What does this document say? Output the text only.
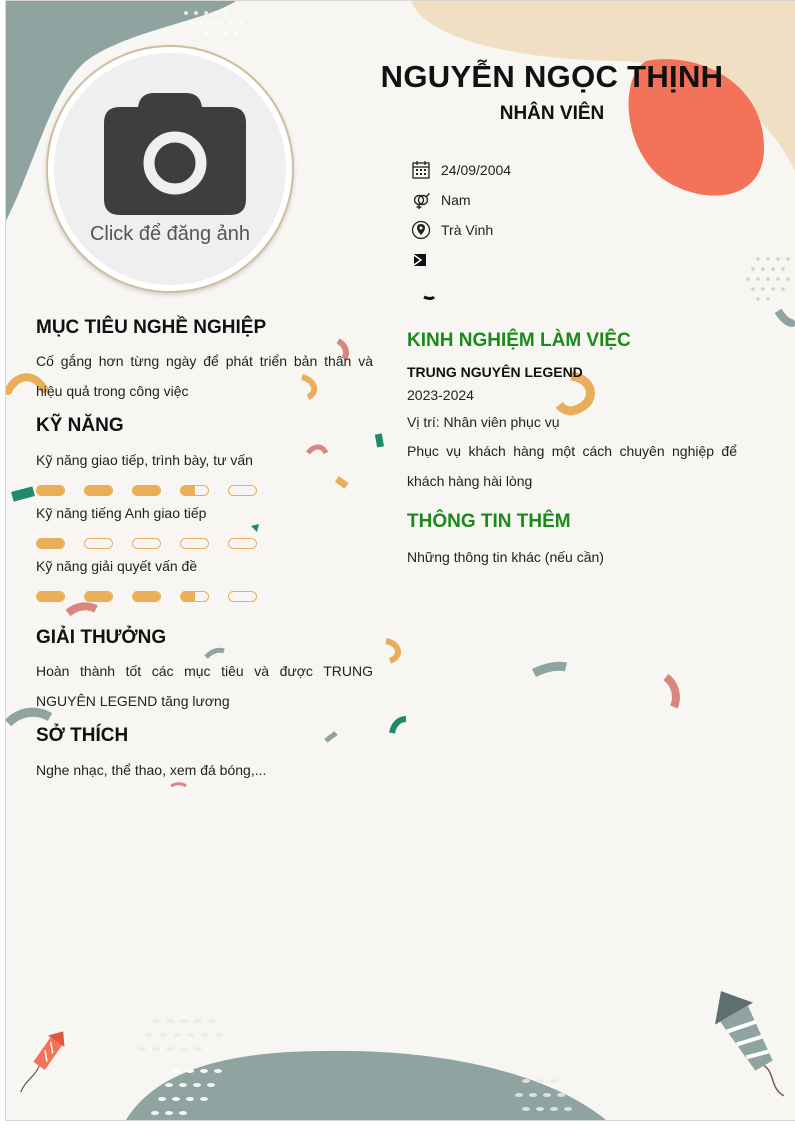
Click để đăng ảnh
NGUYỄN NGỌC THỊNH
NHÂN VIÊN
24/09/2004
Nam
Trà Vinh
MỤC TIÊU NGHỀ NGHIỆP
Cố gắng hơn từng ngày để phát triển bản thân và hiệu quả trong công việc
KỸ NĂNG
Kỹ năng giao tiếp, trình bày, tư vấn
Kỹ năng tiếng Anh giao tiếp
Kỹ năng giải quyết vấn đề
GIẢI THƯỞNG
Hoàn thành tốt các mục tiêu và được TRUNG NGUYÊN LEGEND tăng lương
SỞ THÍCH
Nghe nhạc, thể thao, xem đá bóng,...
KINH NGHIỆM LÀM VIỆC
TRUNG NGUYÊN LEGEND
2023-2024
Vị trí: Nhân viên phục vụ
Phục vụ khách hàng một cách chuyên nghiệp để khách hàng hài lòng
THÔNG TIN THÊM
Những thông tin khác (nếu cần)
